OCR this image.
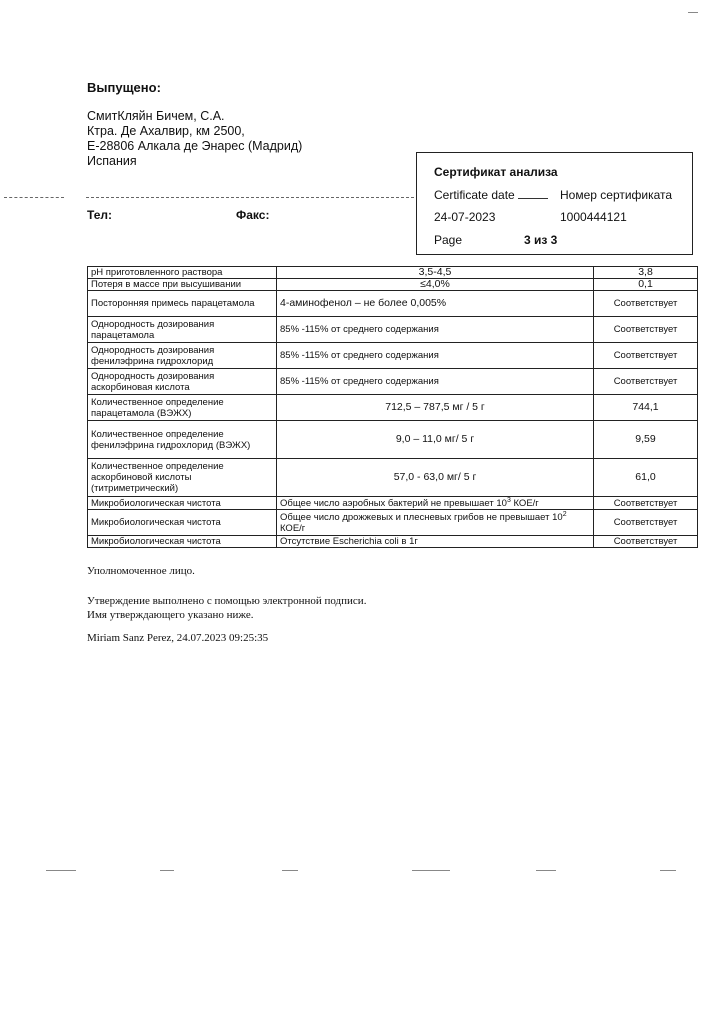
Выпущено:
СмитКляйн Бичем, С.А.
Ктра. Де Ахалвир, км 2500,
Е-28806 Алкала де Энарес (Мадрид)
Испания
Тел:	Факс:
Сертификат анализа
Certificate date	Номер сертификата
24-07-2023	1000444121
Page	3 из 3
pH приготовленного раствора	3,5-4,5	3,8
Потеря в массе при высушивании	≤4,0%	0,1
Посторонняя примесь парацетамола	4-аминофенол – не более 0,005%	Соответствует
Однородность дозирования парацетамола	85% -115% от среднего содержания	Соответствует
Однородность дозирования фенилэфрина гидрохлорид	85% -115% от среднего содержания	Соответствует
Однородность дозирования аскорбиновая кислота	85% -115% от среднего содержания	Соответствует
Количественное определение парацетамола (ВЭЖХ)	712,5 – 787,5 мг / 5 г	744,1
Количественное определение фенилэфрина гидрохлорид (ВЭЖХ)	9,0 – 11,0 мг/ 5 г	9,59
Количественное определение аскорбиновой кислоты (титриметрический)	57,0 - 63,0 мг/ 5 г	61,0
Микробиологическая чистота	Общее число аэробных бактерий не превышает $10^3$ КОЕ/г	Соответствует
Микробиологическая чистота	Общее число дрожжевых и плесневых грибов не превышает $10^2$ КОЕ/г	Соответствует
Микробиологическая чистота	Отсутствие Escherichia coli в 1г	Соответствует
Уполномоченное лицо.
Утверждение выполнено с помощью электронной подписи.
Имя утверждающего указано ниже.
Miriam Sanz Perez, 24.07.2023 09:25:35
